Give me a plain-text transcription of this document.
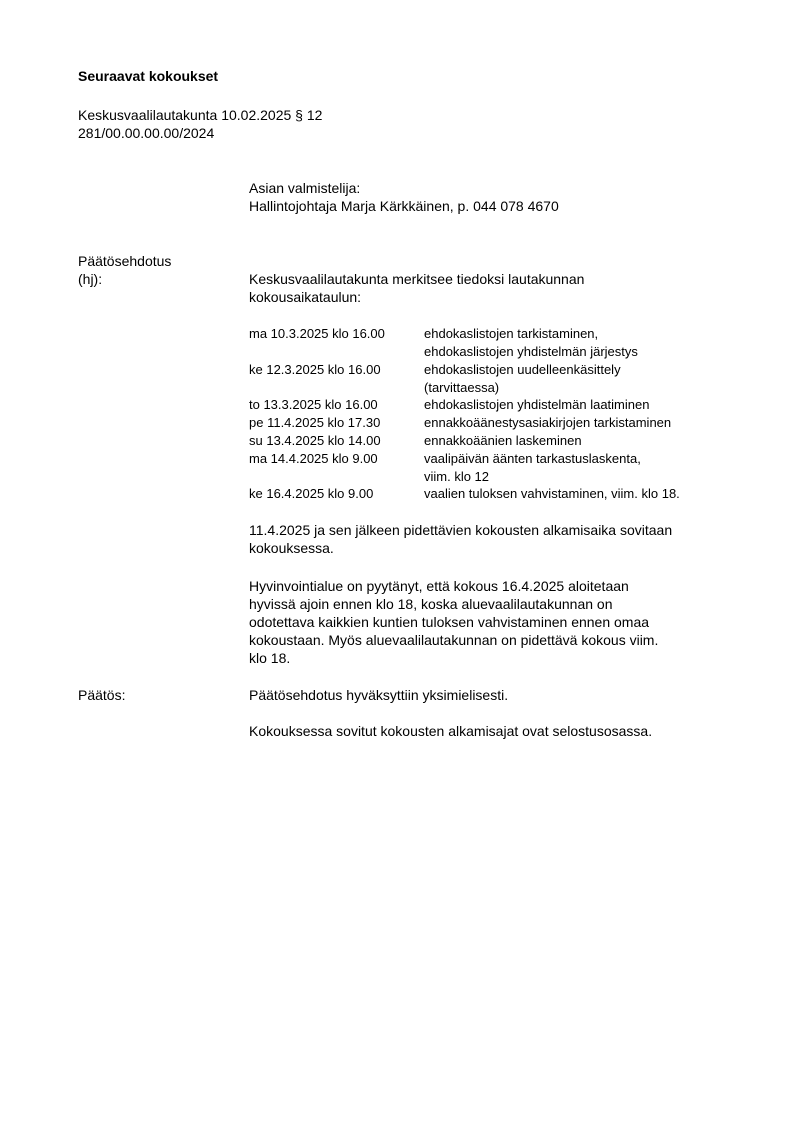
Seuraavat kokoukset
Keskusvaalilautakunta 10.02.2025 § 12
281/00.00.00.00/2024
Asian valmistelija:
Hallintojohtaja Marja Kärkkäinen, p. 044 078 4670
Päätösehdotus
(hj):	Keskusvaalilautakunta merkitsee tiedoksi lautakunnan
kokousaikataulun:
ma 10.3.2025 klo 16.00	ehdokaslistojen tarkistaminen,
ehdokaslistojen yhdistelmän järjestys
ke 12.3.2025 klo 16.00	ehdokaslistojen uudelleenkäsittely
(tarvittaessa)
to 13.3.2025 klo 16.00	ehdokaslistojen yhdistelmän laatiminen
pe 11.4.2025 klo 17.30	ennakkoäänestysasiakirjojen tarkistaminen
su 13.4.2025 klo 14.00	ennakkoäänien laskeminen
ma 14.4.2025 klo 9.00	vaalipäivän äänten tarkastuslaskenta,
viim. klo 12
ke 16.4.2025 klo 9.00	vaalien tuloksen vahvistaminen, viim. klo 18.
11.4.2025 ja sen jälkeen pidettävien kokousten alkamisaika sovitaan
kokouksessa.
Hyvinvointialue on pyytänyt, että kokous 16.4.2025 aloitetaan
hyvissä ajoin ennen klo 18, koska aluevaalilautakunnan on
odotettava kaikkien kuntien tuloksen vahvistaminen ennen omaa
kokoustaan. Myös aluevaalilautakunnan on pidettävä kokous viim.
klo 18.
Päätös:	Päätösehdotus hyväksyttiin yksimielisesti.
Kokouksessa sovitut kokousten alkamisajat ovat selostusosassa.
